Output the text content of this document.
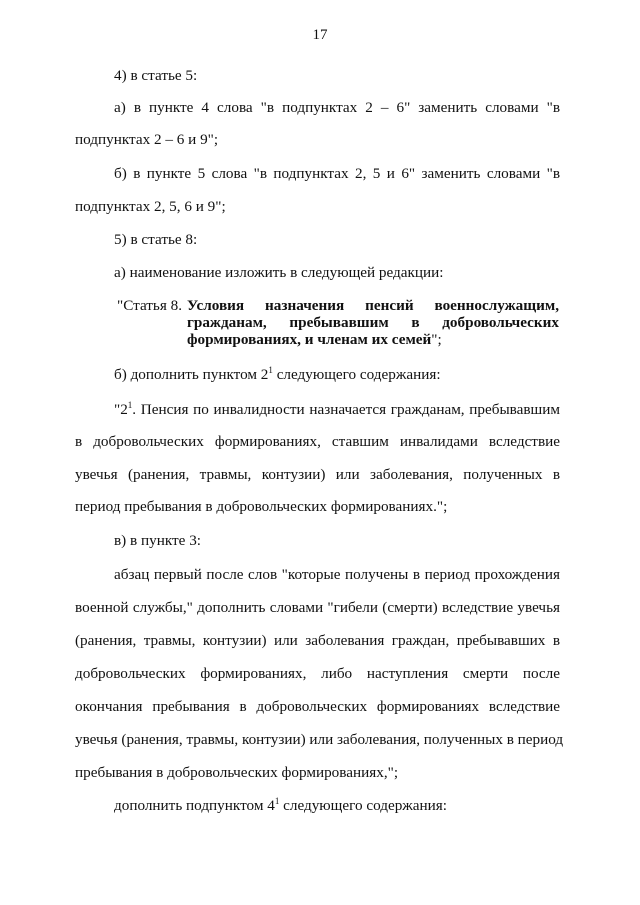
17
4) в статье 5:
а) в пункте 4 слова "в подпунктах 2 – 6" заменить словами "в
подпунктах 2 – 6 и 9";
б) в пункте 5 слова "в подпунктах 2, 5 и 6" заменить словами "в
подпунктах 2, 5, 6 и 9";
5) в статье 8:
а) наименование изложить в следующей редакции:
"Статья 8. Условия назначения пенсий военнослужащим,
гражданам, пребывавшим в добровольческих
формированиях, и членам их семей";
б) дополнить пунктом $2^1$ следующего содержания:
"$2^1$. Пенсия по инвалидности назначается гражданам, пребывавшим
в добровольческих формированиях, ставшим инвалидами вследствие
увечья (ранения, травмы, контузии) или заболевания, полученных в
период пребывания в добровольческих формированиях.";
в) в пункте 3:
абзац первый после слов "которые получены в период прохождения
военной службы," дополнить словами "гибели (смерти) вследствие увечья
(ранения, травмы, контузии) или заболевания граждан, пребывавших в
добровольческих формированиях, либо наступления смерти после
окончания пребывания в добровольческих формированиях вследствие
увечья (ранения, травмы, контузии) или заболевания, полученных в период
пребывания в добровольческих формированиях,";
дополнить подпунктом $4^1$ следующего содержания:
